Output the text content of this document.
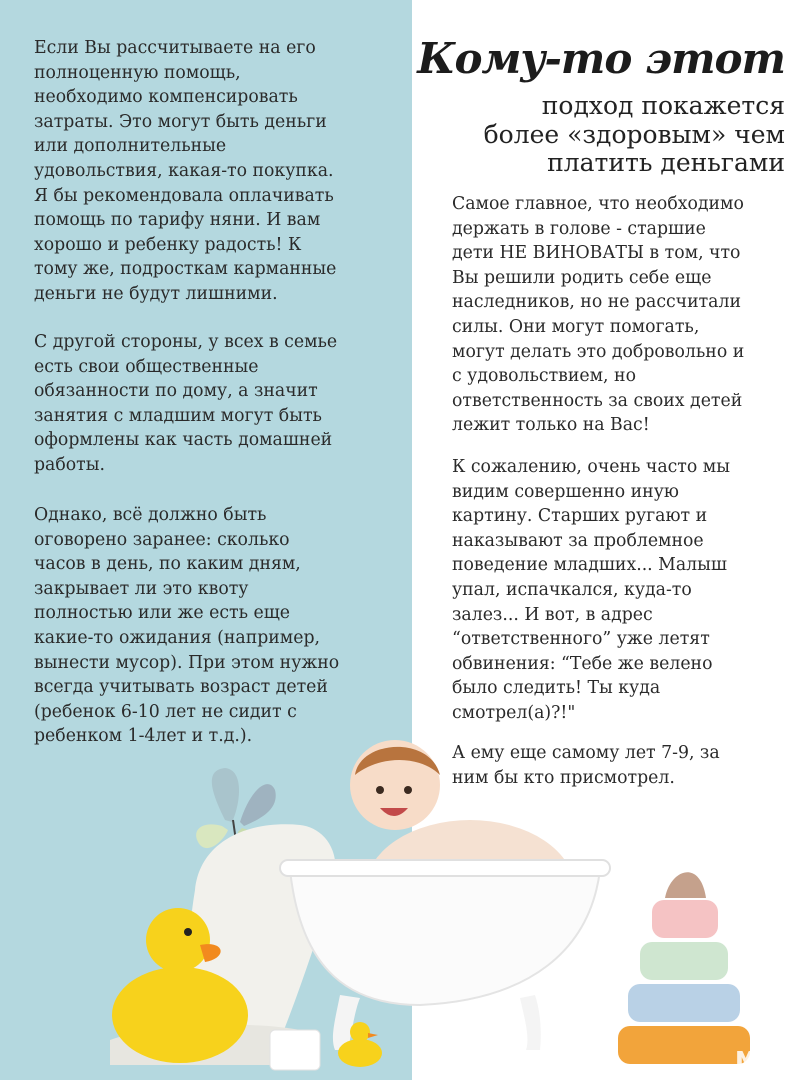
Если Вы рассчитываете на его
полноценную помощь,
необходимо компенсировать
затраты. Это могут быть деньги
или дополнительные
удовольствия, какая-то покупка.
Я бы рекомендовала оплачивать
помощь по тарифу няни. И вам
хорошо и ребенку радость! К
тому же, подросткам карманные
деньги не будут лишними.
С другой стороны, у всех в семье
есть свои общественные
обязанности по дому, а значит
занятия с младшим могут быть
оформлены как часть домашней
работы.
Однако, всё должно быть
оговорено заранее: сколько
часов в день, по каким дням,
закрывает ли это квоту
полностью или же есть еще
какие-то ожидания (например,
вынести мусор). При этом нужно
всегда учитывать возраст детей
(ребенок 6-10 лет не сидит с
ребенком 1-4лет и т.д.).
Кому-то этот
подход покажется
более «здоровым» чем
платить деньгами
Самое главное, что необходимо
держать в голове - старшие
дети НЕ ВИНОВАТЫ в том, что
Вы решили родить себе еще
наследников, но не рассчитали
силы. Они могут помогать,
могут делать это добровольно и
с удовольствием, но
ответственность за своих детей
лежит только на Вас!
К сожалению, очень часто мы
видим совершенно иную
картину. Старших ругают и
наказывают за проблемное
поведение младших... Малыш
упал, испачкался, куда-то
залез... И вот, в адрес
“ответственного” уже летят
обвинения: “Тебе же велено
было следить! Ты куда
смотрел(а)?!"
А ему еще самому лет 7-9, за
ним бы кто присмотрел.
для
мам
